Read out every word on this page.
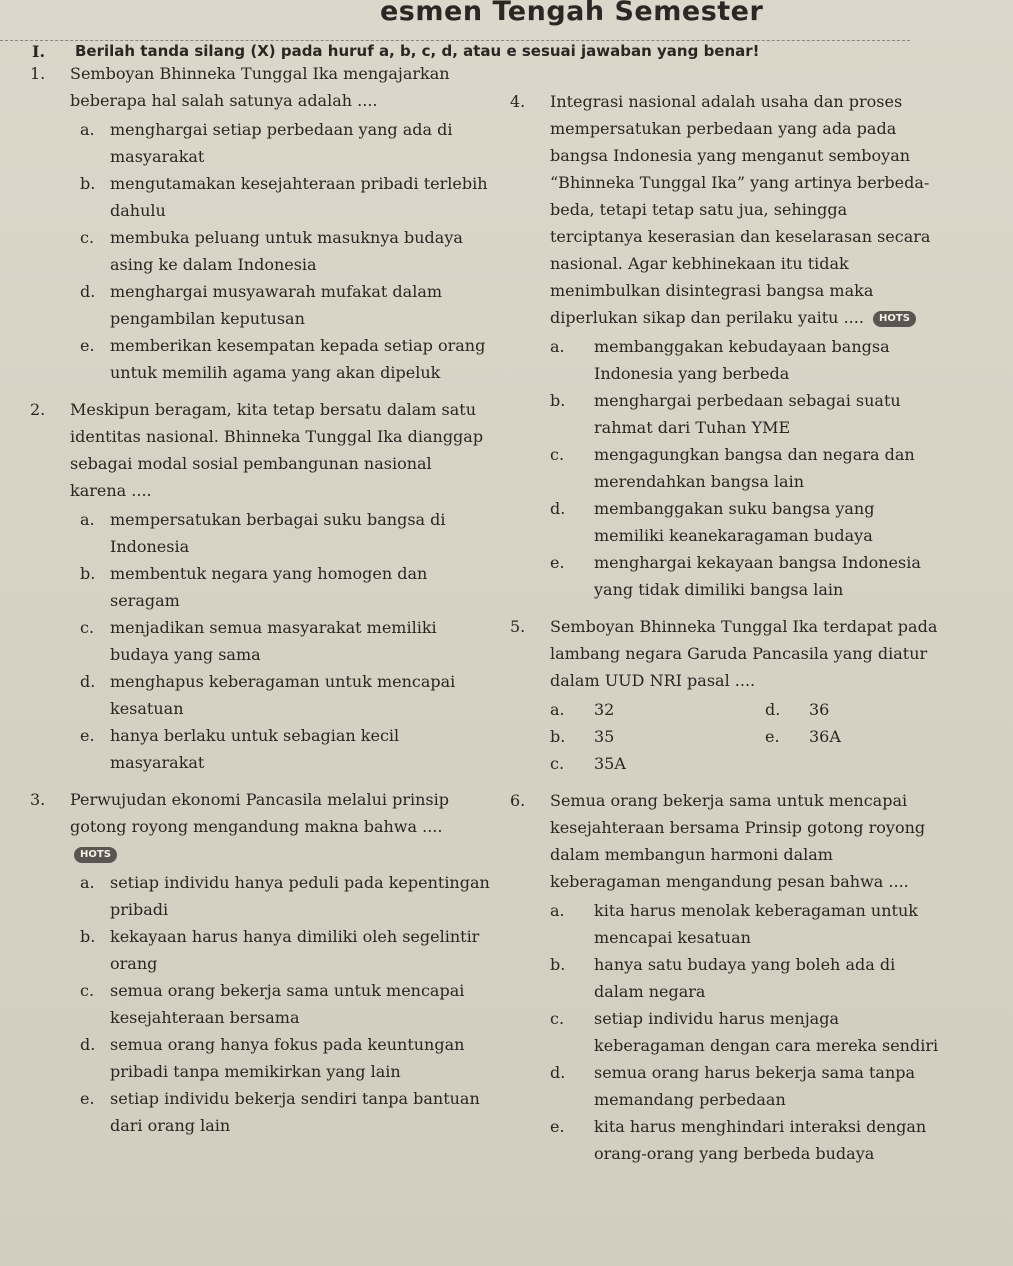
esmen Tengah Semester
I. Berilah tanda silang (X) pada huruf a, b, c, d, atau e sesuai jawaban yang benar!
1. Semboyan Bhinneka Tunggal Ika mengajarkan beberapa hal salah satunya adalah ....
a. menghargai setiap perbedaan yang ada di masyarakat
b. mengutamakan kesejahteraan pribadi terlebih dahulu
c. membuka peluang untuk masuknya budaya asing ke dalam Indonesia
d. menghargai musyawarah mufakat dalam pengambilan keputusan
e. memberikan kesempatan kepada setiap orang untuk memilih agama yang akan dipeluk
2. Meskipun beragam, kita tetap bersatu dalam satu identitas nasional. Bhinneka Tunggal Ika dianggap sebagai modal sosial pembangunan nasional karena ....
a. mempersatukan berbagai suku bangsa di Indonesia
b. membentuk negara yang homogen dan seragam
c. menjadikan semua masyarakat memiliki budaya yang sama
d. menghapus keberagaman untuk mencapai kesatuan
e. hanya berlaku untuk sebagian kecil masyarakat
3. Perwujudan ekonomi Pancasila melalui prinsip gotong royong mengandung makna bahwa .... HOTS
a. setiap individu hanya peduli pada kepentingan pribadi
b. kekayaan harus hanya dimiliki oleh segelintir orang
c. semua orang bekerja sama untuk mencapai kesejahteraan bersama
d. semua orang hanya fokus pada keuntungan pribadi tanpa memikirkan yang lain
e. setiap individu bekerja sendiri tanpa bantuan dari orang lain
4. Integrasi nasional adalah usaha dan proses mempersatukan perbedaan yang ada pada bangsa Indonesia yang menganut semboyan “Bhinneka Tunggal Ika” yang artinya berbeda-beda, tetapi tetap satu jua, sehingga terciptanya keserasian dan keselarasan secara nasional. Agar kebhinekaan itu tidak menimbulkan disintegrasi bangsa maka diperlukan sikap dan perilaku yaitu .... HOTS
a. membanggakan kebudayaan bangsa Indonesia yang berbeda
b. menghargai perbedaan sebagai suatu rahmat dari Tuhan YME
c. mengagungkan bangsa dan negara dan merendahkan bangsa lain
d. membanggakan suku bangsa yang memiliki keanekaragaman budaya
e. menghargai kekayaan bangsa Indonesia yang tidak dimiliki bangsa lain
5. Semboyan Bhinneka Tunggal Ika terdapat pada lambang negara Garuda Pancasila yang diatur dalam UUD NRI pasal ....
a. 32	d. 36
b. 35	e. 36A
c. 35A
6. Semua orang bekerja sama untuk mencapai kesejahteraan bersama Prinsip gotong royong dalam membangun harmoni dalam keberagaman mengandung pesan bahwa ....
a. kita harus menolak keberagaman untuk mencapai kesatuan
b. hanya satu budaya yang boleh ada di dalam negara
c. setiap individu harus menjaga keberagaman dengan cara mereka sendiri
d. semua orang harus bekerja sama tanpa memandang perbedaan
e. kita harus menghindari interaksi dengan orang-orang yang berbeda budaya
